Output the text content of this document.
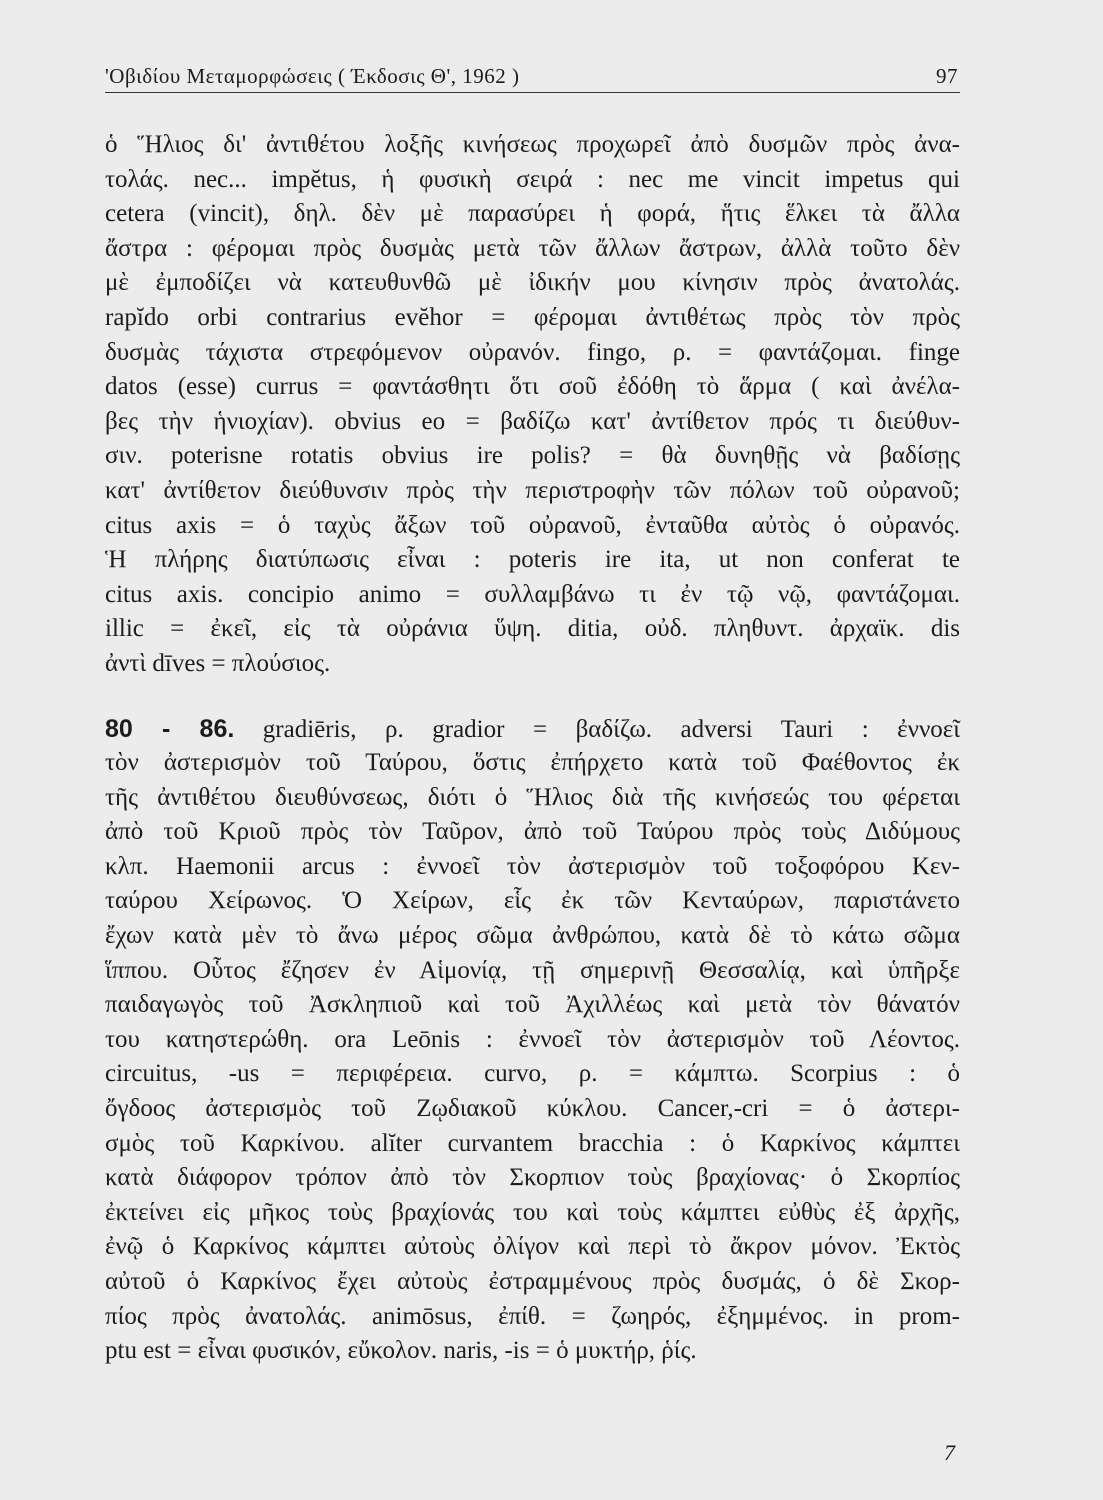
'Οβιδίου Μεταμορφώσεις ( Έκδοσις Θ', 1962 )	97
ὁ Ἥλιος δι' ἀντιθέτου λοξῆς κινήσεως προχωρεῖ ἀπὸ δυσμῶν πρὸς ἀνα-
τολάς. nec... impĕtus, ἡ φυσικὴ σειρά : nec me vincit impetus qui
cetera (vincit), δηλ. δὲν μὲ παρασύρει ἡ φορά, ἥτις ἕλκει τὰ ἄλλα
ἄστρα : φέρομαι πρὸς δυσμὰς μετὰ τῶν ἄλλων ἄστρων, ἀλλὰ τοῦτο δὲν
μὲ ἐμποδίζει νὰ κατευθυνθῶ μὲ ἰδικήν μου κίνησιν πρὸς ἀνατολάς.
rapĭdo orbi contrarius evĕhor = φέρομαι ἀντιθέτως πρὸς τὸν πρὸς
δυσμὰς τάχιστα στρεφόμενον οὐρανόν. fingo, ρ. = φαντάζομαι. finge
datos (esse) currus = φαντάσθητι ὅτι σοῦ ἐδόθη τὸ ἅρμα ( καὶ ἀνέλα-
βες τὴν ἡνιοχίαν). obvius eo = βαδίζω κατ' ἀντίθετον πρός τι διεύθυν-
σιν. poterisne rotatis obvius ire polis? = θὰ δυνηθῇς νὰ βαδίσῃς
κατ' ἀντίθετον διεύθυνσιν πρὸς τὴν περιστροφὴν τῶν πόλων τοῦ οὐρανοῦ;
citus axis = ὁ ταχὺς ἄξων τοῦ οὐρανοῦ, ἐνταῦθα αὐτὸς ὁ οὐρανός.
Ἡ πλήρης διατύπωσις εἶναι : poteris ire ita, ut non conferat te
citus axis. concipio animo = συλλαμβάνω τι ἐν τῷ νῷ, φαντάζομαι.
illic = ἐκεῖ, εἰς τὰ οὐράνια ὕψη. ditia, οὐδ. πληθυντ. ἀρχαϊκ. dis
ἀντὶ dīves = πλούσιος.
80 - 86. gradiēris, ρ. gradior = βαδίζω. adversi Tauri : ἐννοεῖ
τὸν ἀστερισμὸν τοῦ Ταύρου, ὅστις ἐπήρχετο κατὰ τοῦ Φαέθοντος ἐκ
τῆς ἀντιθέτου διευθύνσεως, διότι ὁ Ἥλιος διὰ τῆς κινήσεώς του φέρεται
ἀπὸ τοῦ Κριοῦ πρὸς τὸν Ταῦρον, ἀπὸ τοῦ Ταύρου πρὸς τοὺς Διδύμους
κλπ. Haemonii arcus : ἐννοεῖ τὸν ἀστερισμὸν τοῦ τοξοφόρου Κεν-
ταύρου Χείρωνος. Ὁ Χείρων, εἷς ἐκ τῶν Κενταύρων, παριστάνετο
ἔχων κατὰ μὲν τὸ ἄνω μέρος σῶμα ἀνθρώπου, κατὰ δὲ τὸ κάτω σῶμα
ἵππου. Οὗτος ἔζησεν ἐν Αἱμονίᾳ, τῇ σημερινῇ Θεσσαλίᾳ, καὶ ὑπῆρξε
παιδαγωγὸς τοῦ Ἀσκληπιοῦ καὶ τοῦ Ἀχιλλέως καὶ μετὰ τὸν θάνατόν
του κατηστερώθη. ora Leōnis : ἐννοεῖ τὸν ἀστερισμὸν τοῦ Λέοντος.
circuitus, -us = περιφέρεια. curvo, ρ. = κάμπτω. Scorpius : ὁ
ὄγδοος ἀστερισμὸς τοῦ Ζῳδιακοῦ κύκλου. Cancer,-cri = ὁ ἀστερι-
σμὸς τοῦ Καρκίνου. alĭter curvantem bracchia : ὁ Καρκίνος κάμπτει
κατὰ διάφορον τρόπον ἀπὸ τὸν Σκορπιον τοὺς βραχίονας· ὁ Σκορπίος
ἐκτείνει εἰς μῆκος τοὺς βραχίονάς του καὶ τοὺς κάμπτει εὐθὺς ἐξ ἀρχῆς,
ἐνῷ ὁ Καρκίνος κάμπτει αὐτοὺς ὀλίγον καὶ περὶ τὸ ἄκρον μόνον. Ἐκτὸς
αὐτοῦ ὁ Καρκίνος ἔχει αὐτοὺς ἐστραμμένους πρὸς δυσμάς, ὁ δὲ Σκορ-
πίος πρὸς ἀνατολάς. animōsus, ἐπίθ. = ζωηρός, ἐξημμένος. in prom-
ptu est = εἶναι φυσικόν, εὔκολον. naris, -is = ὁ μυκτήρ, ῥίς.
7
